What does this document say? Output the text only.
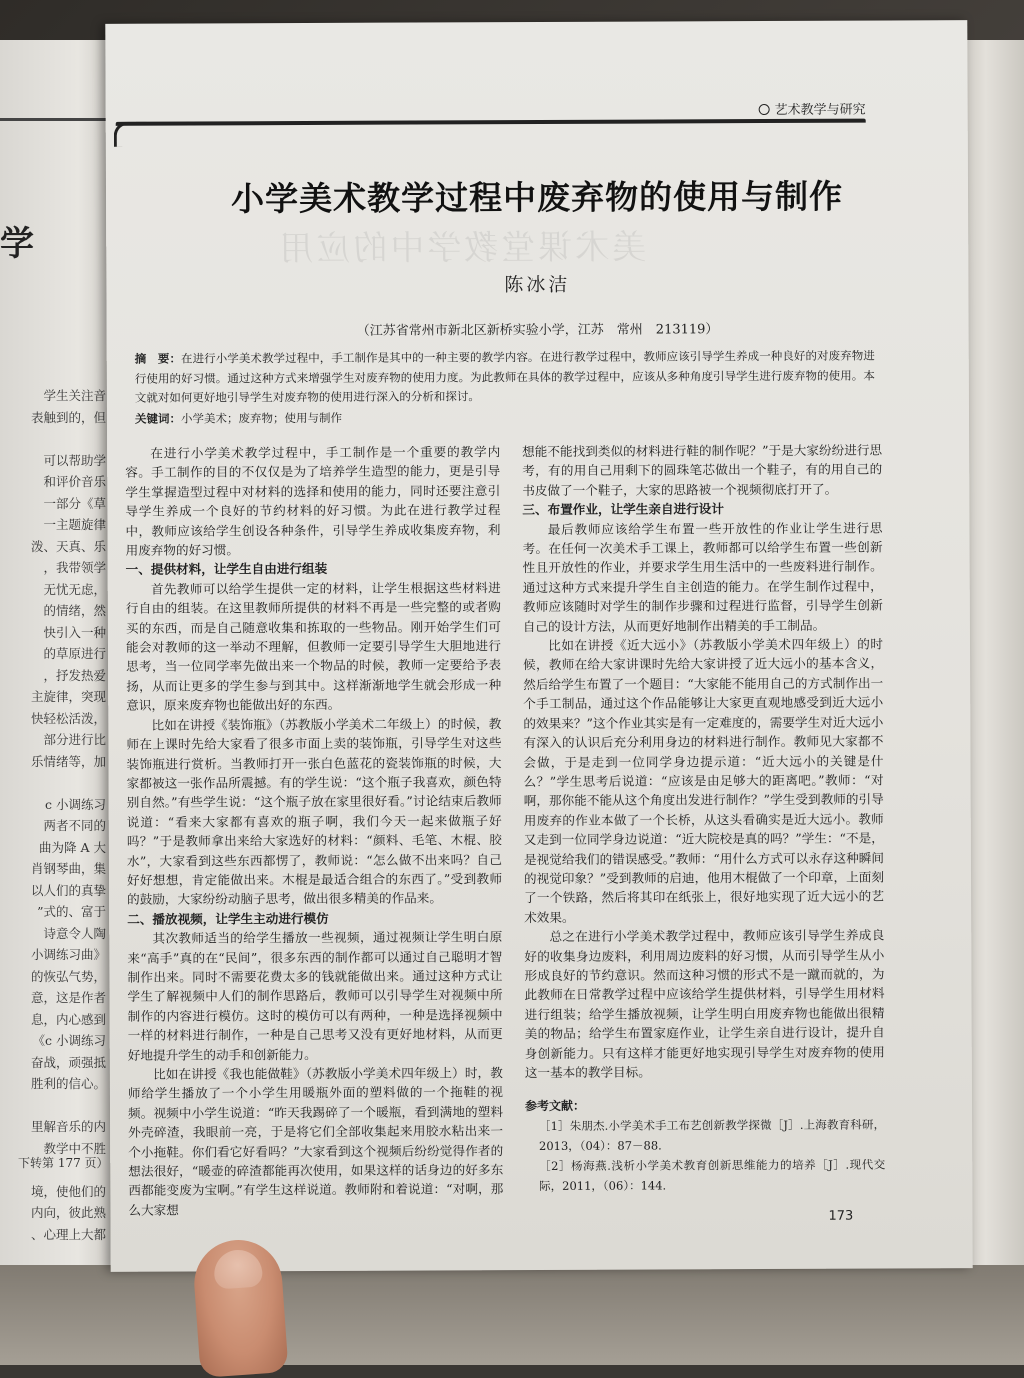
学
学生关注音
表触到的，但

可以帮助学
和评价音乐
一部分《草
一主题旋律
泼、天真、乐
，我带领学
无忧无虑，
的情绪，然
快引入一种
的草原进行
，抒发热爱
主旋律，突现
快轻松活泼，
部分进行比
乐情绪等，加

c 小调练习
两者不同的
曲为降 A 大
肖钢琴曲，集
以人们的真挚
”式的、富于
诗意令人陶
小调练习曲》
的恢弘气势，
意，这是作者
息，内心感到
《c 小调练习
奋战，顽强抵
胜利的信心。

里解音乐的内
教学中不胜

境，使他们的
内向，彼此熟
、心理上大都
下转第 177 页）
艺术教学与研究
美术课堂教学中的应用
小学美术教学过程中废弃物的使用与制作
陈冰洁
（江苏省常州市新北区新桥实验小学，江苏　常州　213119）
摘　要：在进行小学美术教学过程中，手工制作是其中的一种主要的教学内容。在进行教学过程中，教师应该引导学生养成一种良好的对废弃物进行使用的好习惯。通过这种方式来增强学生对废弃物的使用力度。为此教师在具体的教学过程中，应该从多种角度引导学生进行废弃物的使用。本文就对如何更好地引导学生对废弃物的使用进行深入的分析和探讨。
关键词：小学美术；废弃物；使用与制作

在进行小学美术教学过程中，手工制作是一个重要的教学内容。手工制作的目的不仅仅是为了培养学生造型的能力，更是引导学生掌握造型过程中对材料的选择和使用的能力，同时还要注意引导学生养成一个良好的节约材料的好习惯。为此在进行教学过程中，教师应该给学生创设各种条件，引导学生养成收集废弃物，利用废弃物的好习惯。

一、提供材料，让学生自由进行组装

首先教师可以给学生提供一定的材料，让学生根据这些材料进行自由的组装。在这里教师所提供的材料不再是一些完整的或者购买的东西，而是自己随意收集和拣取的一些物品。刚开始学生们可能会对教师的这一举动不理解，但教师一定要引导学生大胆地进行思考，当一位同学率先做出来一个物品的时候，教师一定要给予表扬，从而让更多的学生参与到其中。这样渐渐地学生就会形成一种意识，原来废弃物也能做出好的东西。

比如在讲授《装饰瓶》（苏教版小学美术二年级上）的时候，教师在上课时先给大家看了很多市面上卖的装饰瓶，引导学生对这些装饰瓶进行赏析。当教师打开一张白色蓝花的瓷装饰瓶的时候，大家都被这一张作品所震撼。有的学生说：“这个瓶子我喜欢，颜色特别自然。”有些学生说：“这个瓶子放在家里很好看。”讨论结束后教师说道：“看来大家都有喜欢的瓶子啊，我们今天一起来做瓶子好吗？”于是教师拿出来给大家选好的材料：“颜料、毛笔、木棍、胶水”，大家看到这些东西都愣了，教师说：“怎么做不出来吗？自己好好想想，肯定能做出来。木棍是最适合组合的东西了。”受到教师的鼓励，大家纷纷动脑子思考，做出很多精美的作品来。

二、播放视频，让学生主动进行模仿

其次教师适当的给学生播放一些视频，通过视频让学生明白原来“高手”真的在“民间”，很多东西的制作都可以通过自己聪明才智制作出来。同时不需要花费太多的钱就能做出来。通过这种方式让学生了解视频中人们的制作思路后，教师可以引导学生对视频中所制作的内容进行模仿。这时的模仿可以有两种，一种是选择视频中一样的材料进行制作，一种是自己思考又没有更好地材料，从而更好地提升学生的动手和创新能力。

比如在讲授《我也能做鞋》（苏教版小学美术四年级上）时，教师给学生播放了一个小学生用暖瓶外面的塑料做的一个拖鞋的视频。视频中小学生说道：“昨天我踢碎了一个暖瓶，看到满地的塑料外壳碎渣，我眼前一亮，于是将它们全部收集起来用胶水粘出来一个小拖鞋。你们看它好看吗？”大家看到这个视频后纷纷觉得作者的想法很好，“暖壶的碎渣都能再次使用，如果这样的话身边的好多东西都能变废为宝啊。”有学生这样说道。教师附和着说道：“对啊，那么大家想

想能不能找到类似的材料进行鞋的制作呢？”于是大家纷纷进行思考，有的用自己用剩下的圆珠笔芯做出一个鞋子，有的用自己的书皮做了一个鞋子，大家的思路被一个视频彻底打开了。

三、布置作业，让学生亲自进行设计

最后教师应该给学生布置一些开放性的作业让学生进行思考。在任何一次美术手工课上，教师都可以给学生布置一些创新性且开放性的作业，并要求学生用生活中的一些废料进行制作。通过这种方式来提升学生自主创造的能力。在学生制作过程中，教师应该随时对学生的制作步骤和过程进行监督，引导学生创新自己的设计方法，从而更好地制作出精美的手工制品。

比如在讲授《近大远小》（苏教版小学美术四年级上）的时候，教师在给大家讲课时先给大家讲授了近大远小的基本含义，然后给学生布置了一个题目：“大家能不能用自己的方式制作出一个手工制品，通过这个作品能够让大家更直观地感受到近大远小的效果来？”这个作业其实是有一定难度的，需要学生对近大远小有深入的认识后充分利用身边的材料进行制作。教师见大家都不会做，于是走到一位同学身边提示道：“近大远小的关键是什么？”学生思考后说道：“应该是由足够大的距离吧。”教师：“对啊，那你能不能从这个角度出发进行制作？”学生受到教师的引导用废弃的作业本做了一个长桥，从这头看确实是近大远小。教师又走到一位同学身边说道：“近大院校是真的吗？”学生：“不是，是视觉给我们的错误感受。”教师：“用什么方式可以永存这种瞬间的视觉印象？”受到教师的启迪，他用木棍做了一个印章，上面刻了一个铁路，然后将其印在纸张上，很好地实现了近大远小的艺术效果。

总之在进行小学美术教学过程中，教师应该引导学生养成良好的收集身边废料，利用周边废料的好习惯，从而引导学生从小形成良好的节约意识。然而这种习惯的形式不是一蹴而就的，为此教师在日常教学过程中应该给学生提供材料，引导学生用材料进行组装；给学生播放视频，让学生明白用废弃物也能做出很精美的物品；给学生布置家庭作业，让学生亲自进行设计，提升自身创新能力。只有这样才能更好地实现引导学生对废弃物的使用这一基本的教学目标。

参考文献：

［1］朱朋杰.小学美术手工布艺创新教学探微［J］.上海教育科研，2013，（04）：87－88.

［2］杨海燕.浅析小学美术教育创新思维能力的培养［J］.现代交际，2011，（06）：144.

173
